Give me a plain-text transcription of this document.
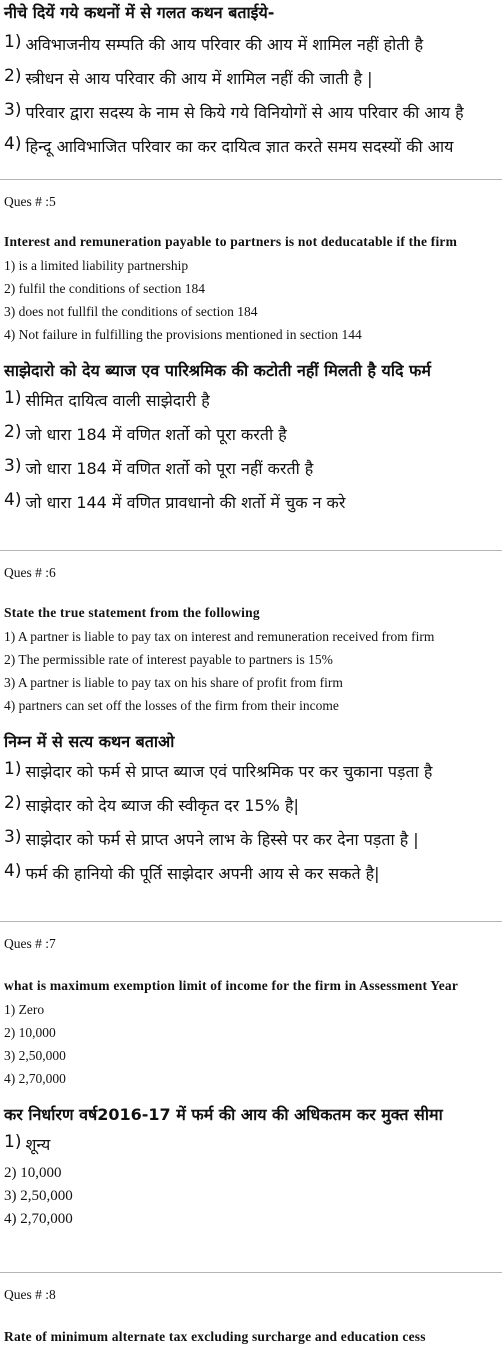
नीचे दियें गये कथनों में से गलत कथन बताईये-
1) अविभाजनीय सम्पति की आय परिवार की आय में शामिल नहीं होती है
2) स्त्रीधन से आय परिवार की आय में शामिल नहीं की जाती है |
3) परिवार द्वारा सदस्य के नाम से किये गये विनियोगों से आय परिवार की आय है
4) हिन्दू आविभाजित परिवार का कर दायित्व ज्ञात करते समय सदस्यों की आय
Ques # :5
Interest and remuneration payable to partners is not deducatable if the firm
1) is a limited liability partnership
2) fulfil the conditions of section 184
3) does not fullfil the conditions of section 184
4) Not failure in fulfilling the provisions mentioned in section 144
साझेदारो को देय ब्याज एव पारिश्रमिक की कटोती नहीं मिलती है यदि फर्म
1) सीमित दायित्व वाली साझेदारी है
2) जो धारा 184 में वणित शर्तो को पूरा करती है
3) जो धारा 184 में वणित शर्तो को पूरा नहीं करती है
4) जो धारा 144 में वणित प्रावधानो की शर्तो में चुक न करे
Ques # :6
State the true statement from the following
1) A partner is liable to pay tax on interest and remuneration received from firm
2) The permissible rate of interest payable to partners is 15%
3) A partner is liable to pay tax on his share of profit from firm
4) partners can set off the losses of the firm from their income
निम्न में से सत्य कथन बताओ
1) साझेदार को फर्म से प्राप्त ब्याज एवं पारिश्रमिक पर कर चुकाना पड़ता है
2) साझेदार को देय ब्याज की स्वीकृत दर 15% है|
3) साझेदार को फर्म से प्राप्त अपने लाभ के हिस्से पर कर देना पड़ता है |
4) फर्म की हानियो की पूर्ति साझेदार अपनी आय से कर सकते है|
Ques # :7
what is maximum exemption limit of income for the firm in Assessment Year
1) Zero
2) 10,000
3) 2,50,000
4) 2,70,000
कर निर्धारण वर्ष2016-17 में फर्म की आय की अधिकतम कर मुक्त सीमा
1) शून्य
2) 10,000
3) 2,50,000
4) 2,70,000
Ques # :8
Rate of minimum alternate tax excluding surcharge and education cess
